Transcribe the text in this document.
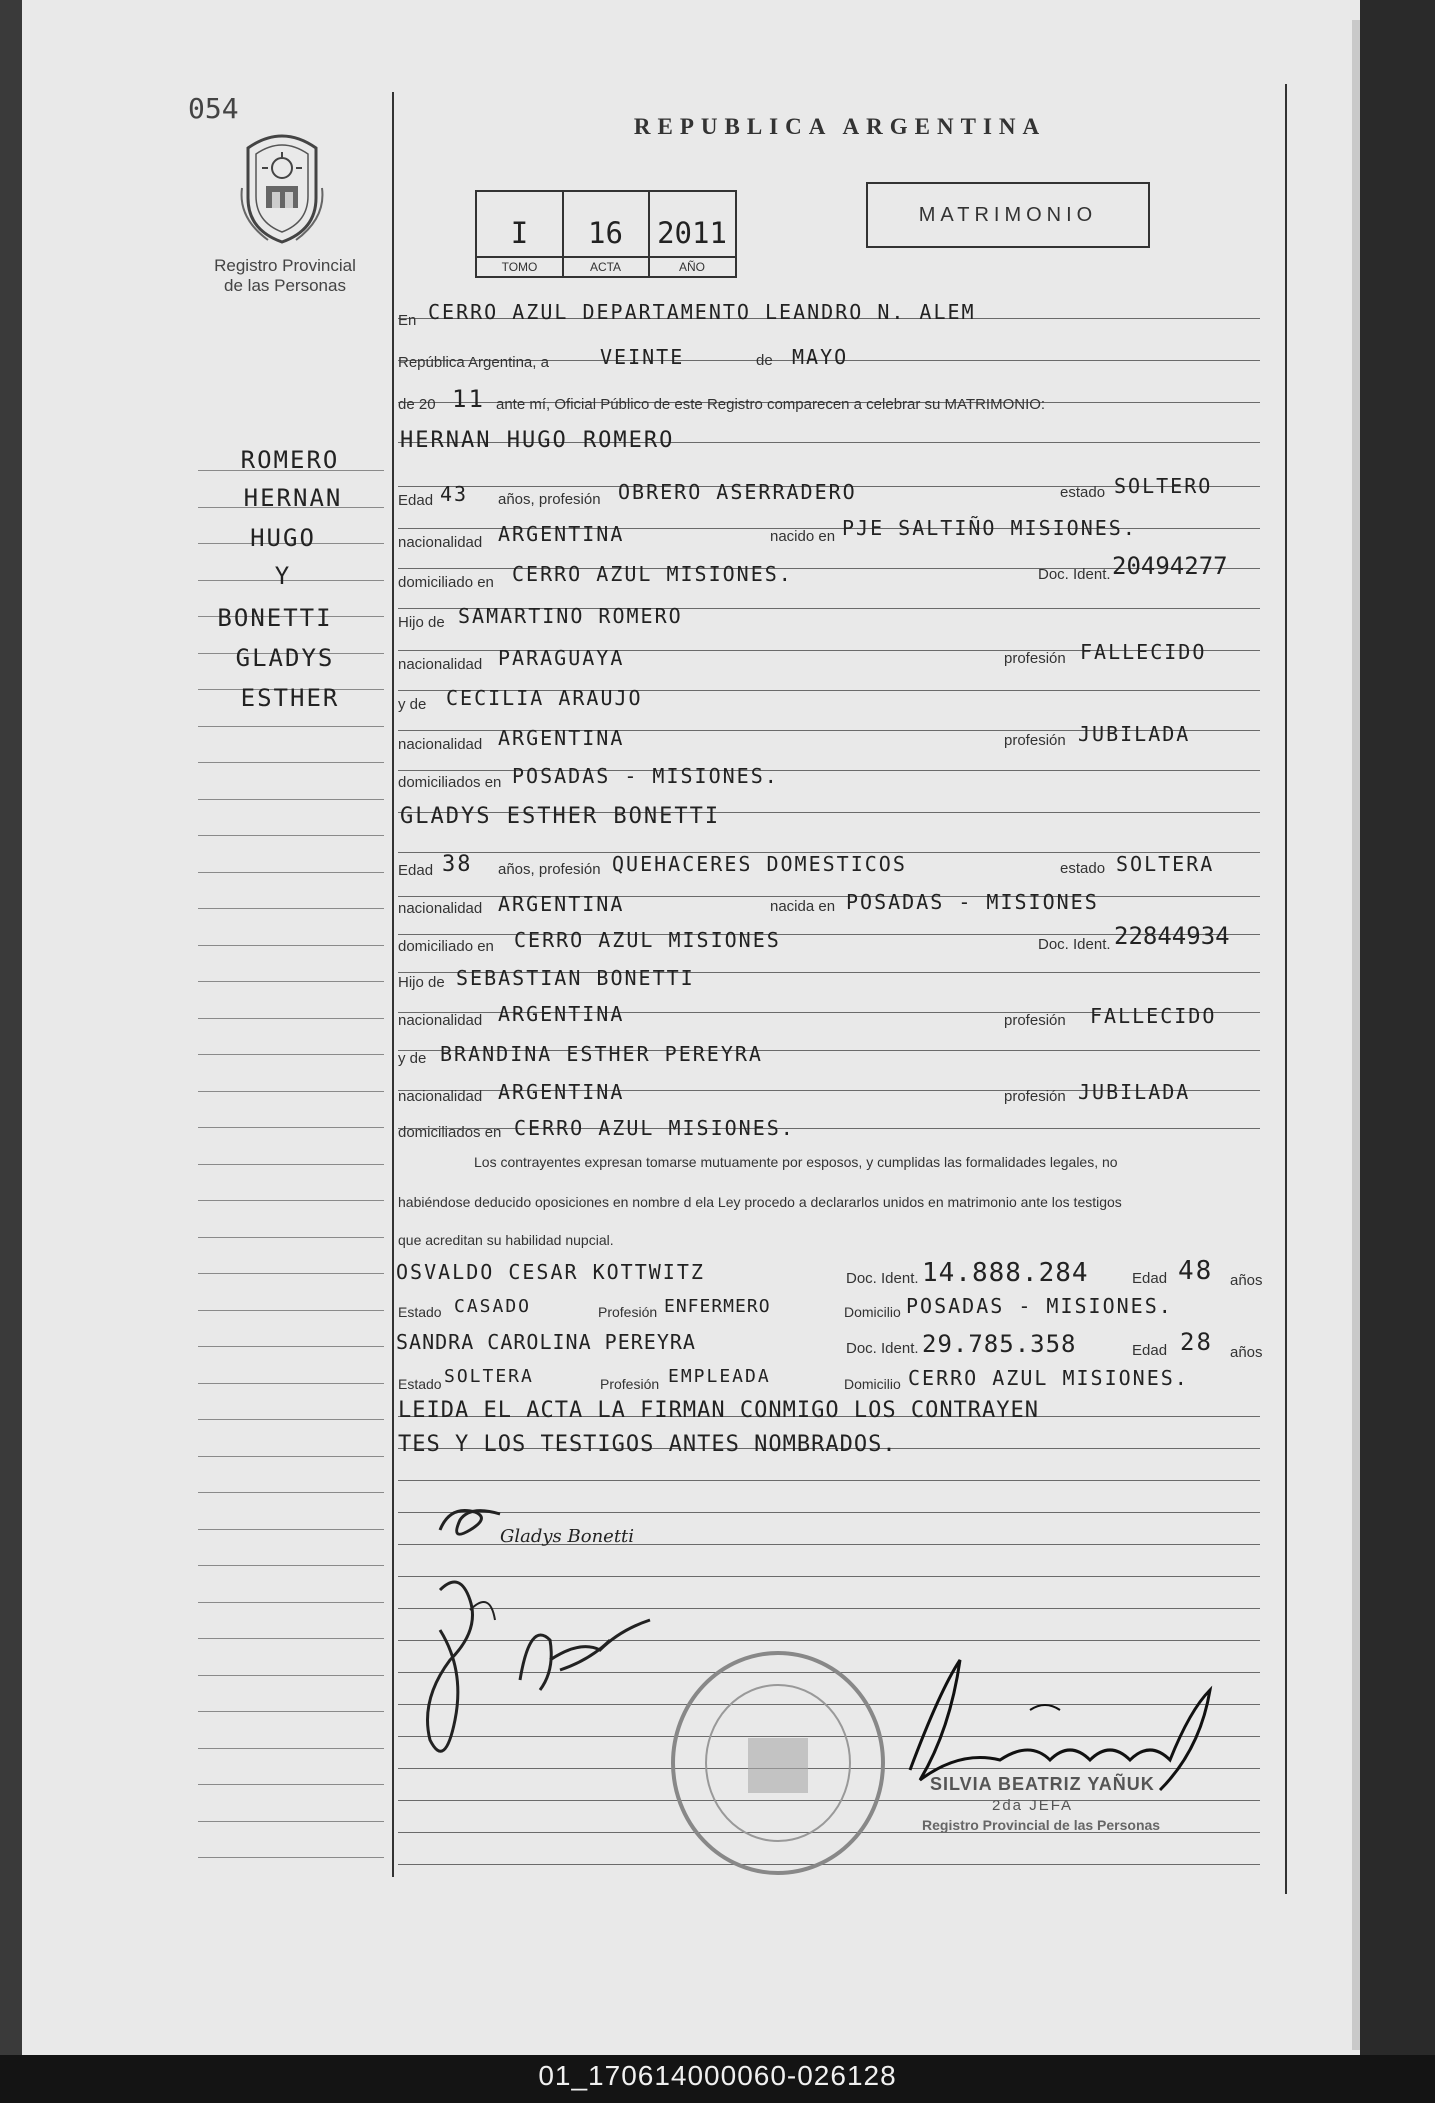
054
Registro Provincial
de las Personas
REPUBLICA ARGENTINA
I
TOMO
16
ACTA
2011
AÑO
MATRIMONIO
ROMERO
HERNAN
HUGO
Y
BONETTI
GLADYS
ESTHER
En CERRO AZUL DEPARTAMENTO LEANDRO N. ALEM
República Argentina, a	VEINTE	de MAYO
de 20 11 ante mí, Oficial Público de este Registro comparecen a celebrar su MATRIMONIO:
HERNAN HUGO ROMERO
Edad 43 años, profesión OBRERO ASERRADERO	estado SOLTERO
nacionalidad ARGENTINA	nacido en PJE SALTIÑO MISIONES.
domiciliado en CERRO AZUL MISIONES.	Doc. Ident. 20494277
Hijo de SAMARTINO ROMERO
nacionalidad PARAGUAYA	profesión FALLECIDO
y de CECILIA ARAUJO
nacionalidad ARGENTINA	profesión JUBILADA
domiciliados en POSADAS - MISIONES.
GLADYS ESTHER BONETTI
Edad 38 años, profesión QUEHACERES DOMESTICOS	estado SOLTERA
nacionalidad ARGENTINA	nacida en POSADAS - MISIONES
domiciliado en CERRO AZUL MISIONES	Doc. Ident. 22844934
Hijo de SEBASTIAN BONETTI
nacionalidad ARGENTINA	profesión FALLECIDO
y de BRANDINA ESTHER PEREYRA
nacionalidad ARGENTINA	profesión JUBILADA
domiciliados en CERRO AZUL MISIONES.
Los contrayentes expresan tomarse mutuamente por esposos, y cumplidas las formalidades legales, no
habiéndose deducido oposiciones en nombre d ela Ley procedo a declararlos unidos en matrimonio ante los testigos
que acreditan su habilidad nupcial.
OSVALDO CESAR KOTTWITZ	Doc. Ident. 14.888.284	Edad 48 años
Estado CASADO	Profesión ENFERMERO	Domicilio POSADAS - MISIONES.
SANDRA CAROLINA PEREYRA	Doc. Ident. 29.785.358	Edad 28 años
Estado SOLTERA	Profesión EMPLEADA	Domicilio CERRO AZUL MISIONES.
LEIDA EL ACTA LA FIRMAN CONMIGO LOS CONTRAYEN
TES Y LOS TESTIGOS ANTES NOMBRADOS.
Gladys Bonetti
SILVIA BEATRIZ YAÑUK
2da JEFA
Registro Provincial de las Personas
01_170614000060-026128
